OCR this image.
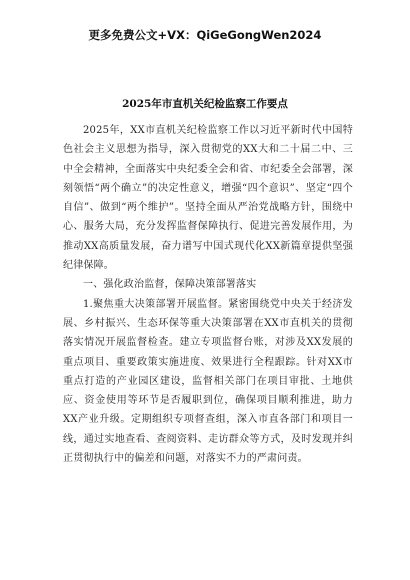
更多免费公文+VX：QiGeGongWen2024
2025年市直机关纪检监察工作要点

2025年，XX市直机关纪检监察工作以习近平新时代中国特色社会主义思想为指导，深入贯彻党的XX大和二十届二中、三中全会精神，全面落实中央纪委全会和省、市纪委全会部署，深刻领悟“两个确立”的决定性意义，增强“四个意识”、坚定“四个自信”、做到“两个维护”。坚持全面从严治党战略方针，围绕中心、服务大局，充分发挥监督保障执行、促进完善发展作用，为推动XX高质量发展，奋力谱写中国式现代化XX新篇章提供坚强纪律保障。

一、强化政治监督，保障决策部署落实

1.聚焦重大决策部署开展监督。紧密围绕党中央关于经济发展、乡村振兴、生态环保等重大决策部署在XX市直机关的贯彻落实情况开展监督检查。建立专项监督台账，对涉及XX发展的重点项目、重要政策实施进度、效果进行全程跟踪。针对XX市重点打造的产业园区建设，监督相关部门在项目审批、土地供应、资金使用等环节是否履职到位，确保项目顺利推进，助力XX产业升级。定期组织专项督查组，深入市直各部门和项目一线，通过实地查看、查阅资料、走访群众等方式，及时发现并纠正贯彻执行中的偏差和问题，对落实不力的严肃问责。
